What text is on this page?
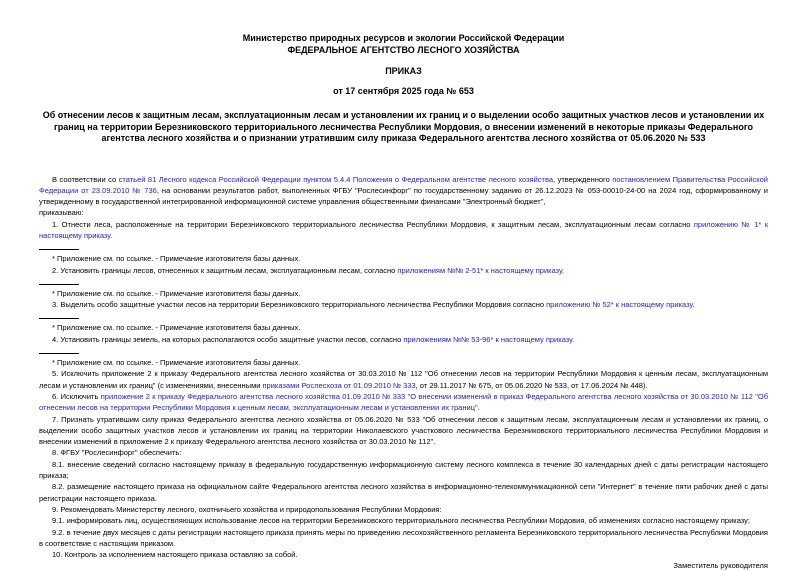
Министерство природных ресурсов и экологии Российской Федерации

ФЕДЕРАЛЬНОЕ АГЕНТСТВО ЛЕСНОГО ХОЗЯЙСТВА

ПРИКАЗ

от 17 сентября 2025 года № 653

Об отнесении лесов к защитным лесам, эксплуатационным лесам и установлении их границ и о выделении особо защитных участков лесов и установлении их границ на территории Березниковского территориального лесничества Республики Мордовия, о внесении изменений в некоторые приказы Федерального агентства лесного хозяйства и о признании утратившим силу приказа Федерального агентства лесного хозяйства от 05.06.2020 № 533

В соответствии со статьей 81 Лесного кодекса Российской Федерации пунктом 5.4.4 Положения о Федеральном агентстве лесного хозяйства, утвержденного постановлением Правительства Российской Федерации от 23.09.2010 № 736, на основании результатов работ, выполненных ФГБУ "Рослесинфорг" по государственному заданию от 26.12.2023 № 053-00010-24-00 на 2024 год, сформированному и утвержденному в государственной интегрированной информационной системе управления общественными финансами "Электронный бюджет",

приказываю:

1. Отнести леса, расположенные на территории Березниковского территориального лесничества Республики Мордовия, к защитным лесам, эксплуатационным лесам согласно приложению № 1* к настоящему приказу.

* Приложение см. по ссылке. - Примечание изготовителя базы данных.

2. Установить границы лесов, отнесенных к защитным лесам, эксплуатационным лесам, согласно приложениям №№ 2-51* к настоящему приказу.

* Приложение см. по ссылке. - Примечание изготовителя базы данных.

3. Выделить особо защитные участки лесов на территории Березниковского территориального лесничества Республики Мордовия согласно приложению № 52* к настоящему приказу.

* Приложение см. по ссылке. - Примечание изготовителя базы данных.

4. Установить границы земель, на которых располагаются особо защитные участки лесов, согласно приложениям №№ 53-96* к настоящему приказу.

* Приложение см. по ссылке. - Примечание изготовителя базы данных.

5. Исключить приложение 2 к приказу Федерального агентства лесного хозяйства от 30.03.2010 № 112 "Об отнесении лесов на территории Республики Мордовия к ценным лесам, эксплуатационным лесам и установлении их границ" (с изменениями, внесенными приказами Рослесхоза от 01.09.2010 № 333, от 29.11.2017 № 675, от 05.06.2020 № 533, от 17.06.2024 № 448).

6. Исключить приложение 2 к приказу Федерального агентства лесного хозяйства 01.09.2010 № 333 "О внесении изменений в приказ Федерального агентства лесного хозяйства от 30.03.2010 № 112 "Об отнесении лесов на территории Республики Мордовия к ценным лесам, эксплуатационным лесам и установлении их границ".

7. Признать утратившим силу приказ Федерального агентства лесного хозяйства от 05.06.2020 № 533 "Об отнесении лесов к защитным лесам, эксплуатационным лесам и установлении их границ, о выделении особо защитных участков лесов и установлении их границ на территории Николаевского участкового лесничества Березниковского территориального лесничества Республики Мордовия и внесении изменений в приложение 2 к приказу Федерального агентства лесного хозяйства от 30.03.2010 № 112".

8. ФГБУ "Рослесинфорг" обеспечить:

8.1. внесение сведений согласно настоящему приказу в федеральную государственную информационную систему лесного комплекса в течение 30 календарных дней с даты регистрации настоящего приказа;

8.2. размещение настоящего приказа на официальном сайте Федерального агентства лесного хозяйства в информационно-телекоммуникационной сети "Интернет" в течение пяти рабочих дней с даты регистрации настоящего приказа.

9. Рекомендовать Министерству лесного, охотничьего хозяйства и природопользования Республики Мордовия:

9.1. информировать лиц, осуществляющих использование лесов на территории Березниковского территориального лесничества Республики Мордовия, об изменениях согласно настоящему приказу;

9.2. в течение двух месяцев с даты регистрации настоящего приказа принять меры по приведению лесохозяйственного регламента Березниковского территориального лесничества Республики Мордовия в соответствие с настоящим приказом.

10. Контроль за исполнением настоящего приказа оставляю за собой.

Заместитель руководителя
